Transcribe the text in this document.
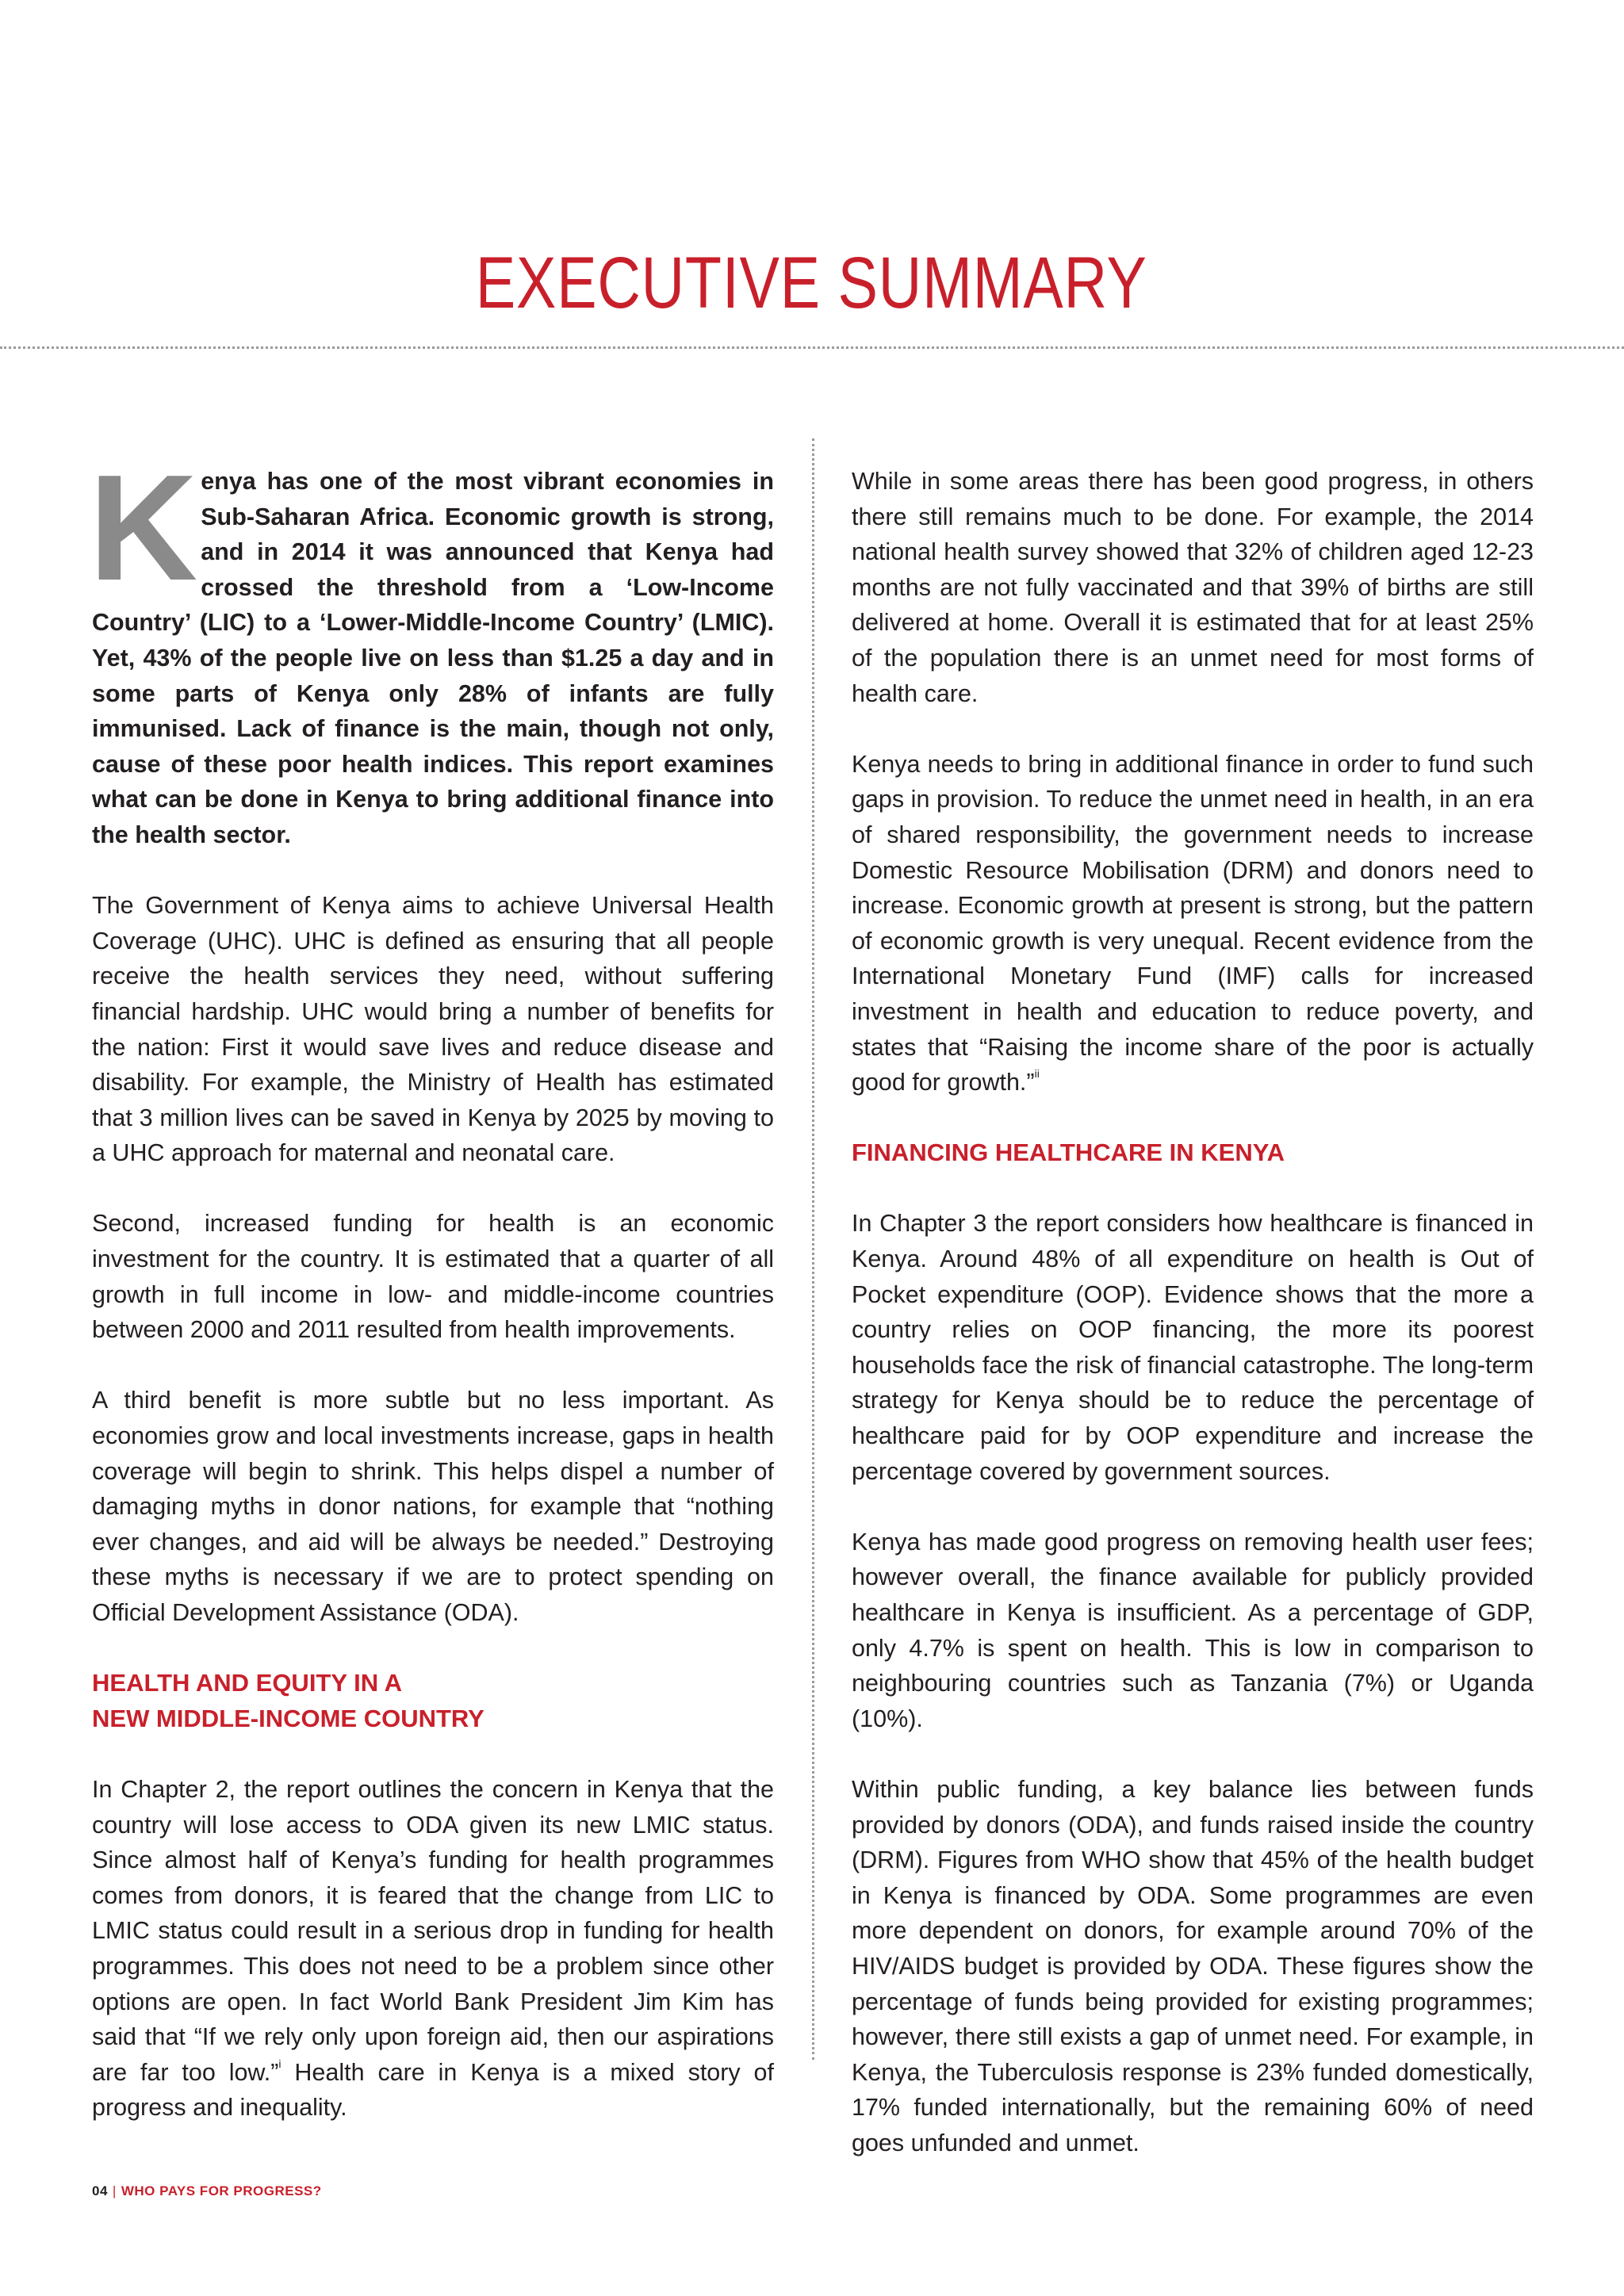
EXECUTIVE SUMMARY

Kenya has one of the most vibrant economies in Sub-Saharan Africa. Economic growth is strong, and in 2014 it was announced that Kenya had crossed the threshold from a ‘Low-Income Country’ (LIC) to a ‘Lower-Middle-Income Country’ (LMIC). Yet, 43% of the people live on less than $1.25 a day and in some parts of Kenya only 28% of infants are fully immunised. Lack of finance is the main, though not only, cause of these poor health indices. This report examines what can be done in Kenya to bring additional finance into the health sector.

The Government of Kenya aims to achieve Universal Health Coverage (UHC). UHC is defined as ensuring that all people receive the health services they need, without suffering financial hardship. UHC would bring a number of benefits for the nation: First it would save lives and reduce disease and disability. For example, the Ministry of Health has estimated that 3 million lives can be saved in Kenya by 2025 by moving to a UHC approach for maternal and neonatal care.

Second, increased funding for health is an economic investment for the country. It is estimated that a quarter of all growth in full income in low- and middle-income countries between 2000 and 2011 resulted from health improvements.

A third benefit is more subtle but no less important. As economies grow and local investments increase, gaps in health coverage will begin to shrink. This helps dispel a number of damaging myths in donor nations, for example that “nothing ever changes, and aid will be always be needed.” Destroying these myths is necessary if we are to protect spending on Official Development Assistance (ODA).

HEALTH AND EQUITY IN A
NEW MIDDLE-INCOME COUNTRY

In Chapter 2, the report outlines the concern in Kenya that the country will lose access to ODA given its new LMIC status. Since almost half of Kenya’s funding for health programmes comes from donors, it is feared that the change from LIC to LMIC status could result in a serious drop in funding for health programmes. This does not need to be a problem since other options are open. In fact World Bank President Jim Kim has said that “If we rely only upon foreign aid, then our aspirations are far too low.”$^i$ Health care in Kenya is a mixed story of progress and inequality.

While in some areas there has been good progress, in others there still remains much to be done. For example, the 2014 national health survey showed that 32% of children aged 12-23 months are not fully vaccinated and that 39% of births are still delivered at home. Overall it is estimated that for at least 25% of the population there is an unmet need for most forms of health care.

Kenya needs to bring in additional finance in order to fund such gaps in provision. To reduce the unmet need in health, in an era of shared responsibility, the government needs to increase Domestic Resource Mobilisation (DRM) and donors need to increase. Economic growth at present is strong, but the pattern of economic growth is very unequal. Recent evidence from the International Monetary Fund (IMF) calls for increased investment in health and education to reduce poverty, and states that “Raising the income share of the poor is actually good for growth.”$^{ii}$

FINANCING HEALTHCARE IN KENYA

In Chapter 3 the report considers how healthcare is financed in Kenya. Around 48% of all expenditure on health is Out of Pocket expenditure (OOP). Evidence shows that the more a country relies on OOP financing, the more its poorest households face the risk of financial catastrophe. The long-term strategy for Kenya should be to reduce the percentage of healthcare paid for by OOP expenditure and increase the percentage covered by government sources.

Kenya has made good progress on removing health user fees; however overall, the finance available for publicly provided healthcare in Kenya is insufficient. As a percentage of GDP, only 4.7% is spent on health. This is low in comparison to neighbouring countries such as Tanzania (7%) or Uganda (10%).

Within public funding, a key balance lies between funds provided by donors (ODA), and funds raised inside the country (DRM). Figures from WHO show that 45% of the health budget in Kenya is financed by ODA. Some programmes are even more dependent on donors, for example around 70% of the HIV/AIDS budget is provided by ODA. These figures show the percentage of funds being provided for existing programmes; however, there still exists a gap of unmet need. For example, in Kenya, the Tuberculosis response is 23% funded domestically, 17% funded internationally, but the remaining 60% of need goes unfunded and unmet.

04 | WHO PAYS FOR PROGRESS?
